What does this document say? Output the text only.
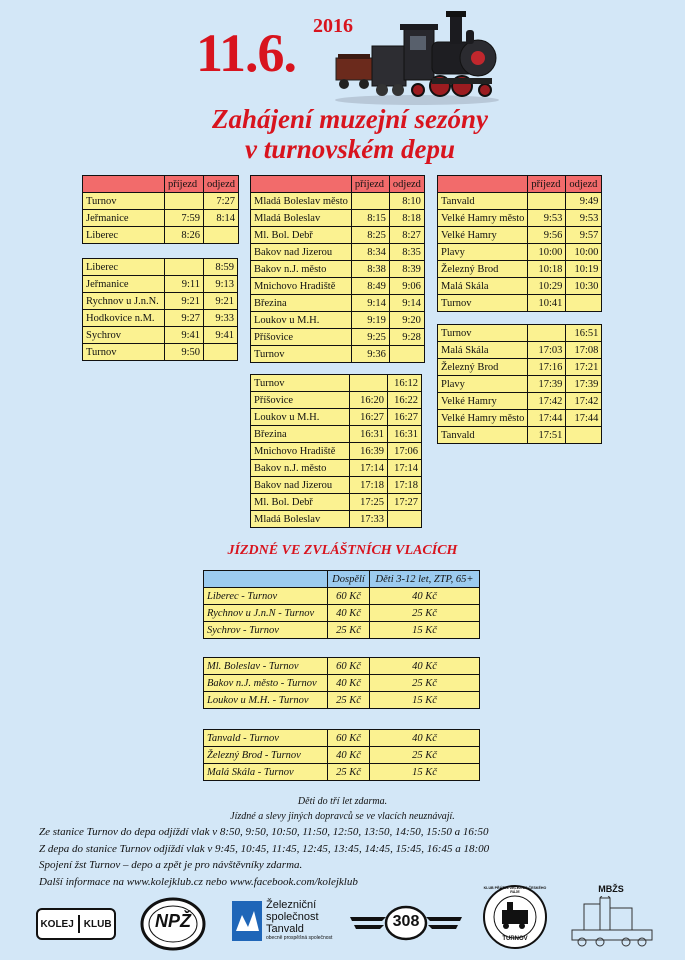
11.6. 2016
Zahájení muzejní sezóny
v turnovském depu
	příjezd	odjezd
Turnov		7:27
Jeřmanice	7:59	8:14
Liberec	8:26	
Liberec		8:59
Jeřmanice	9:11	9:13
Rychnov u J.n.N.	9:21	9:21
Hodkovice n.M.	9:27	9:33
Sychrov	9:41	9:41
Turnov	9:50	
	příjezd	odjezd
Mladá Boleslav město		8:10
Mladá Boleslav	8:15	8:18
Ml. Bol. Debř	8:25	8:27
Bakov nad Jizerou	8:34	8:35
Bakov n.J. město	8:38	8:39
Mnichovo Hradiště	8:49	9:06
Březina	9:14	9:14
Loukov u M.H.	9:19	9:20
Příšovice	9:25	9:28
Turnov	9:36	
Turnov		16:12
Příšovice	16:20	16:22
Loukov u M.H.	16:27	16:27
Březina	16:31	16:31
Mnichovo Hradiště	16:39	17:06
Bakov n.J. město	17:14	17:14
Bakov nad Jizerou	17:18	17:18
Ml. Bol. Debř	17:25	17:27
Mladá Boleslav	17:33	
	příjezd	odjezd
Tanvald		9:49
Velké Hamry město	9:53	9:53
Velké Hamry	9:56	9:57
Plavy	10:00	10:00
Železný Brod	10:18	10:19
Malá Skála	10:29	10:30
Turnov	10:41	
Turnov		16:51
Malá Skála	17:03	17:08
Železný Brod	17:16	17:21
Plavy	17:39	17:39
Velké Hamry	17:42	17:42
Velké Hamry město	17:44	17:44
Tanvald	17:51	
JÍZDNÉ VE ZVLÁŠTNÍCH VLACÍCH
	Dospělí	Děti 3-12 let, ZTP, 65+
Liberec - Turnov	60 Kč	40 Kč
Rychnov u J.n.N - Turnov	40 Kč	25 Kč
Sychrov - Turnov	25 Kč	15 Kč
Ml. Boleslav - Turnov	60 Kč	40 Kč
Bakov n.J. město - Turnov	40 Kč	25 Kč
Loukov u M.H. - Turnov	25 Kč	15 Kč
Tanvald - Turnov	60 Kč	40 Kč
Železný Brod - Turnov	40 Kč	25 Kč
Malá Skála - Turnov	25 Kč	15 Kč
Děti do tří let zdarma.
Jízdné a slevy jiných dopravců se ve vlacích neuznávají.
Ze stanice Turnov do depa odjíždí vlak v 8:50, 9:50, 10:50, 11:50, 12:50, 13:50, 14:50, 15:50 a 16:50
Z depa do stanice Turnov odjíždí vlak v 9:45, 10:45, 11:45, 12:45, 13:45, 14:45, 15:45, 16:45 a 18:00
Spojení žst Turnov – depo a zpět je pro návštěvníky zdarma.
Další informace na www.kolejklub.cz nebo www.facebook.com/kolejklub
KOLEJ KLUB	NPŽ
Železniční
společnost
Tanvald
obecně prospěšná společnost
308
KLUB PŘÁTEL ŽELEZNIC ČESKÉHO RÁJE
TURNOV
MBŽS
